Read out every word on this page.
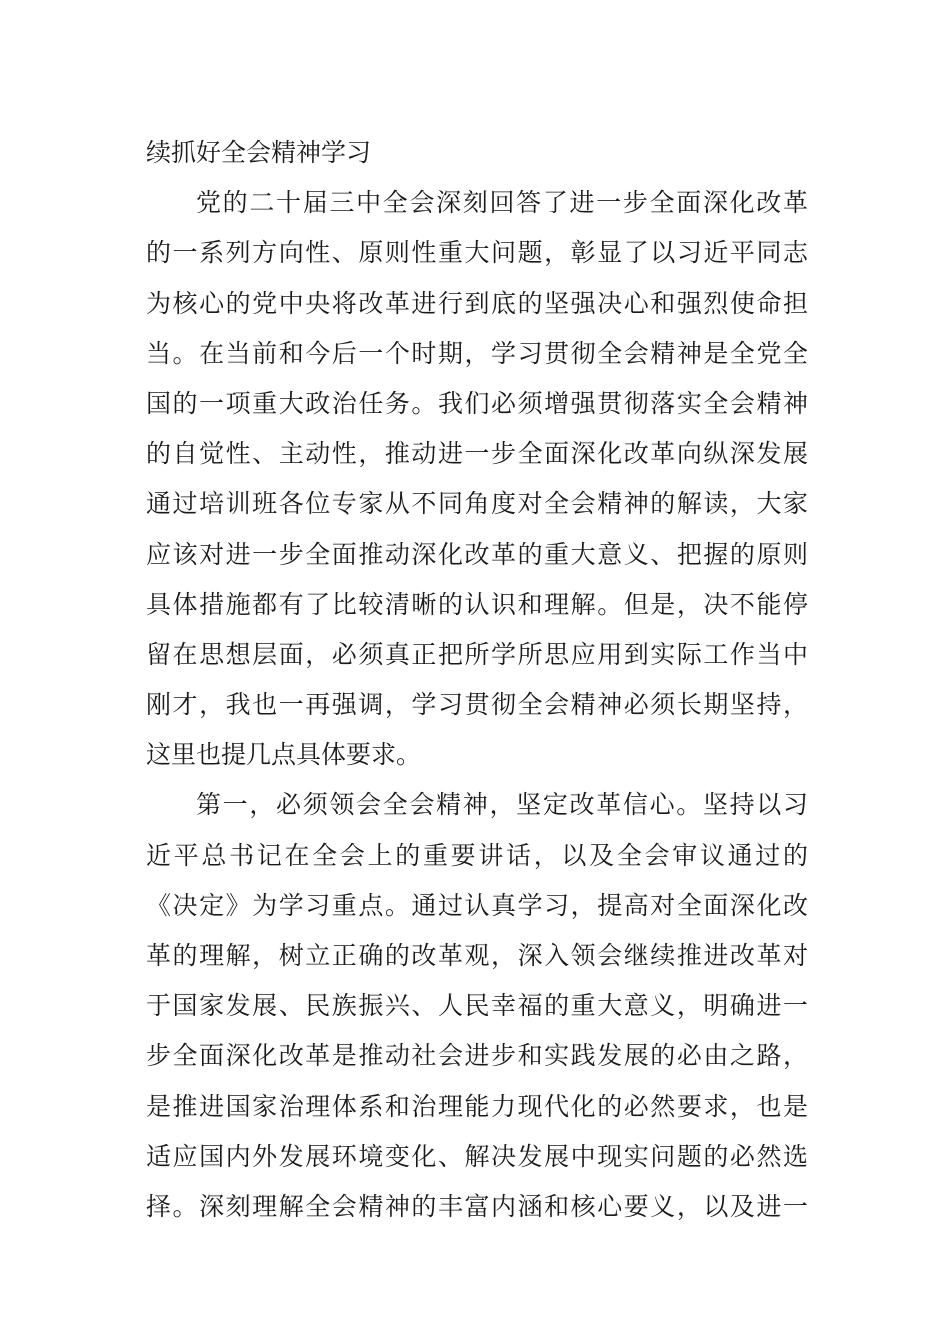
续抓好全会精神学习
党的二十届三中全会深刻回答了进一步全面深化改革
的一系列方向性、原则性重大问题，彰显了以习近平同志
为核心的党中央将改革进行到底的坚强决心和强烈使命担
当。在当前和今后一个时期，学习贯彻全会精神是全党全
国的一项重大政治任务。我们必须增强贯彻落实全会精神
的自觉性、主动性，推动进一步全面深化改革向纵深发展
通过培训班各位专家从不同角度对全会精神的解读，大家
应该对进一步全面推动深化改革的重大意义、把握的原则
具体措施都有了比较清晰的认识和理解。但是，决不能停
留在思想层面，必须真正把所学所思应用到实际工作当中
刚才，我也一再强调，学习贯彻全会精神必须长期坚持，
这里也提几点具体要求。
第一，必须领会全会精神，坚定改革信心。坚持以习
近平总书记在全会上的重要讲话，以及全会审议通过的
《决定》为学习重点。通过认真学习，提高对全面深化改
革的理解，树立正确的改革观，深入领会继续推进改革对
于国家发展、民族振兴、人民幸福的重大意义，明确进一
步全面深化改革是推动社会进步和实践发展的必由之路，
是推进国家治理体系和治理能力现代化的必然要求，也是
适应国内外发展环境变化、解决发展中现实问题的必然选
择。深刻理解全会精神的丰富内涵和核心要义，以及进一
